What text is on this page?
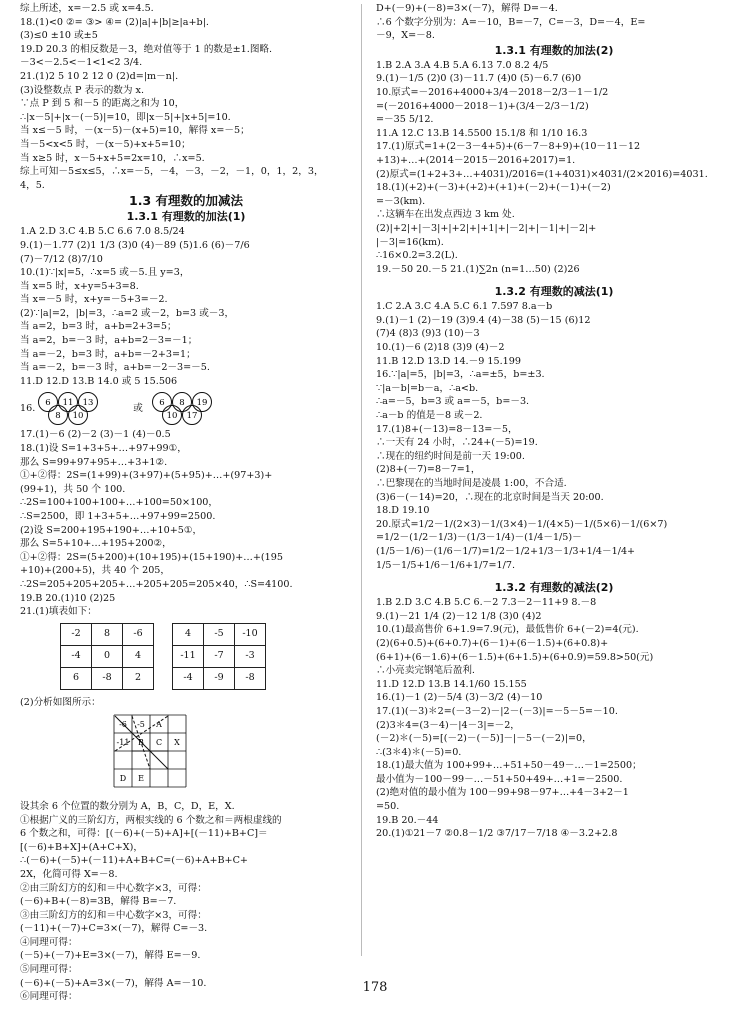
综上所述，x=－2.5 或 x=4.5.
18.(1)<0 ②= ③> ④= (2)|a|+|b|≥|a+b|.
(3)≤0 ±10 或±5
19.D 20.3 的相反数是－3，绝对值等于 1 的数是±1.图略.
－3<－2.5<－1<1<2 3/4.
21.(1)2 5 10 2 12 0 (2)d=|m－n|.
(3)设整数点 P 表示的数为 x.
∵点 P 到 5 和－5 的距离之和为 10，
∴|x－5|+|x－(－5)|=10，即|x－5|+|x+5|=10.
当 x≤－5 时，－(x－5)－(x+5)=10，解得 x=－5；
当－5<x<5 时，－(x－5)+x+5=10；
当 x≥5 时，x－5+x+5=2x=10，∴x=5.
综上可知－5≤x≤5，∴x=－5，－4，－3，－2，－1，0，1，2，3，
4，5.
1.3 有理数的加减法
1.3.1 有理数的加法(1)
1.A 2.D 3.C 4.B 5.C 6.6 7.0 8.5/24
9.(1)－1.77 (2)1 1/3 (3)0 (4)－89 (5)1.6 (6)－7/6
(7)－7/12 (8)7/10
10.(1)∵|x|=5，∴x=5 或－5.且 y=3，
当 x=5 时，x+y=5+3=8.
当 x=－5 时，x+y=－5+3=－2.
(2)∵|a|=2，|b|=3，∴a=2 或－2，b=3 或－3，
当 a=2，b=3 时，a+b=2+3=5；
当 a=2，b=－3 时，a+b=2－3=－1；
当 a=－2，b=3 时，a+b=－2+3=1；
当 a=－2，b=－3 时，a+b=－2－3=－5.
11.D 12.D 13.B 14.0 或 5 15.506
16. 6
8
11
10
13	或 6
10
8
17
19
17.(1)－6 (2)－2 (3)－1 (4)－0.5
18.(1)设 S=1+3+5+…+97+99①，
那么 S=99+97+95+…+3+1②.
①+②得：2S=(1+99)+(3+97)+(5+95)+…+(97+3)+
(99+1)，共 50 个 100.
∴2S=100+100+100+…+100=50×100，
∴S=2500，即 1+3+5+…+97+99=2500.
(2)设 S=200+195+190+…+10+5①，
那么 S=5+10+…+195+200②，
①+②得：2S=(5+200)+(10+195)+(15+190)+…+(195
+10)+(200+5)，共 40 个 205，
∴2S=205+205+205+…+205+205=205×40，∴S=4100.
19.B 20.(1)10 (2)25
21.(1)填表如下：
-2	8	-6
-4	0	4
6	-8	2
4	-5	-10
-11	-7	-3
-4	-9	-8
(2)分析如图所示：
-6 -5 A
-11 B C X
D E
设其余 6 个位置的数分别为 A，B，C，D，E，X.
①根据广义的三阶幻方，两根实线的 6 个数之和＝两根虚线的
6 个数之和，可得：[(－6)+(－5)+A]+[(－11)+B+C]＝
[(－6)+B+X]+(A+C+X)，
∴(－6)+(－5)+(－11)+A+B+C=(－6)+A+B+C+
2X，化简可得 X=－8.
②由三阶幻方的幻和＝中心数字×3，可得：
(－6)+B+(－8)=3B，解得 B=－7.
③由三阶幻方的幻和＝中心数字×3，可得：
(－11)+(－7)+C=3×(－7)，解得 C=－3.
④同理可得：
(－5)+(－7)+E=3×(－7)，解得 E=－9.
⑤同理可得：
(－6)+(－5)+A=3×(－7)，解得 A=－10.
⑥同理可得：
D+(－9)+(－8)=3×(－7)，解得 D=－4.
∴6 个数字分别为：A=－10，B=－7，C=－3，D=－4，E=
－9，X=－8.
1.3.1 有理数的加法(2)
1.B 2.A 3.A 4.B 5.A 6.13 7.0 8.2 4/5
9.(1)－1/5 (2)0 (3)－11.7 (4)0 (5)－6.7 (6)0
10.原式=－2016+4000+3/4－2018－2/3－1－1/2
=(－2016+4000－2018－1)+(3/4－2/3－1/2)
=－35 5/12.
11.A 12.C 13.B 14.5500 15.1/8 和 1/10 16.3
17.(1)原式=1+(2－3－4+5)+(6－7－8+9)+(10－11－12
+13)+…+(2014－2015－2016+2017)=1.
(2)原式=(1+2+3+…+4031)/2016=(1+4031)×4031/(2×2016)=4031.
18.(1)(+2)+(－3)+(+2)+(+1)+(－2)+(－1)+(－2)
=－3(km).
∴这辆车在出发点西边 3 km 处.
(2)|+2|+|－3|+|+2|+|+1|+|－2|+|－1|+|－2|+
|－3|=16(km).
∴16×0.2=3.2(L).
19.－50 20.－5 21.(1)∑2n (n=1…50) (2)26
1.3.2 有理数的减法(1)
1.C 2.A 3.C 4.A 5.C 6.1 7.597 8.a－b
9.(1)－1 (2)－19 (3)9.4 (4)－38 (5)－15 (6)12
(7)4 (8)3 (9)3 (10)－3
10.(1)－6 (2)18 (3)9 (4)－2
11.B 12.D 13.D 14.－9 15.199
16.∵|a|=5，|b|=3，∴a=±5，b=±3.
∵|a－b|=b－a，∴a<b.
∴a=－5，b=3 或 a=－5，b=－3.
∴a－b 的值是－8 或－2.
17.(1)8+(－13)=8－13=－5，
∴一天有 24 小时，∴24+(－5)=19.
∴现在的纽约时间是前一天 19:00.
(2)8+(－7)=8－7=1，
∴巴黎现在的当地时间是凌晨 1:00，不合适.
(3)6－(－14)=20，∴现在的北京时间是当天 20:00.
18.D 19.10
20.原式=1/2－1/(2×3)－1/(3×4)－1/(4×5)－1/(5×6)－1/(6×7)
=1/2－(1/2－1/3)－(1/3－1/4)－(1/4－1/5)－
(1/5－1/6)－(1/6－1/7)=1/2－1/2+1/3－1/3+1/4－1/4+
1/5－1/5+1/6－1/6+1/7=1/7.
1.3.2 有理数的减法(2)
1.B 2.D 3.C 4.B 5.C 6.－2 7.3－2－11+9 8.－8
9.(1)－21 1/4 (2)－12 1/8 (3)0 (4)2
10.(1)最高售价 6+1.9=7.9(元)，最低售价 6+(－2)=4(元).
(2)(6+0.5)+(6+0.7)+(6－1)+(6－1.5)+(6+0.8)+
(6+1)+(6－1.6)+(6－1.5)+(6+1.5)+(6+0.9)=59.8>50(元)
∴小亮卖完钢笔后盈利.
11.D 12.D 13.B 14.1/60 15.155
16.(1)－1 (2)－5/4 (3)－3/2 (4)－10
17.(1)(－3)＊2=(－3－2)－|2－(－3)|=－5－5=－10.
(2)3＊4=(3－4)－|4－3|=－2，
(－2)＊(－5)=[(－2)－(－5)]－|－5－(－2)|=0，
∴(3＊4)＊(－5)=0.
18.(1)最大值为 100+99+…+51+50－49－…－1=2500；
最小值为－100－99－…－51+50+49+…+1=－2500.
(2)绝对值的最小值为 100－99+98－97+…+4－3+2－1
=50.
19.B 20.－44
20.(1)①21－7 ②0.8－1/2 ③7/17－7/18 ④－3.2+2.8
178
